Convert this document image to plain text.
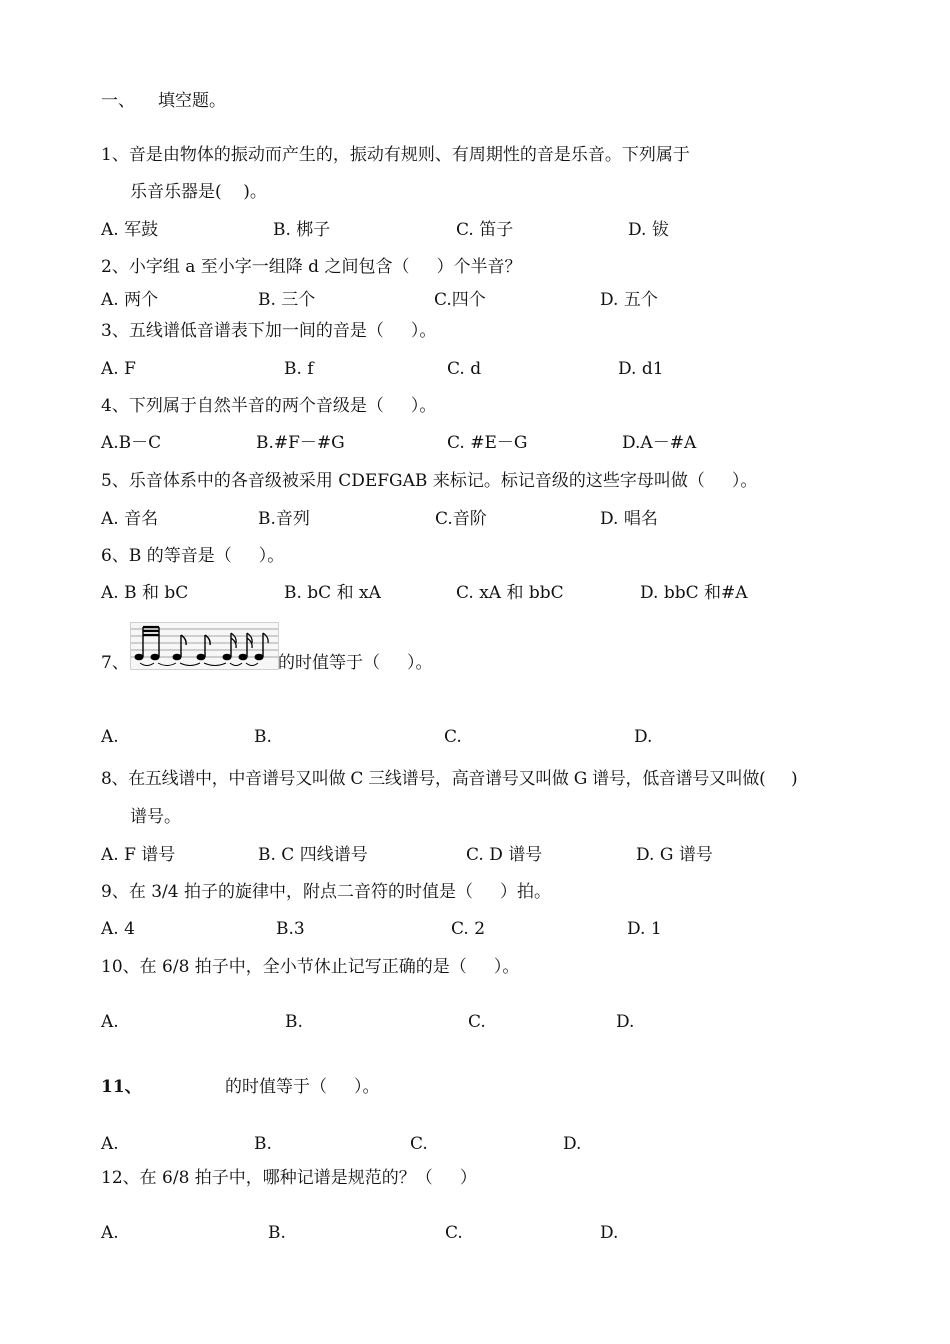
一、 填空题。
1、音是由物体的振动而产生的，振动有规则、有周期性的音是乐音。下列属于
乐音乐器是(    )。
A. 军鼓	B. 梆子	C. 笛子	D. 钹
2、小字组 a 至小字一组降 d 之间包含（     ）个半音？
A. 两个	B. 三个	C.四个	D. 五个
3、五线谱低音谱表下加一间的音是（     ）。
A. F	B. f	C. d	D. d1
4、下列属于自然半音的两个音级是（     ）。
A.B－C	B.#F－#G	C. #E－G	D.A－#A
5、乐音体系中的各音级被采用 CDEFGAB 来标记。标记音级的这些字母叫做（     ）。
A. 音名	B.音列	C.音阶	D. 唱名
6、B 的等音是（     ）。
A. B 和 bC	B. bC 和 xA	C. xA 和 bbC	D. bbC 和#A
7、	的时值等于（     ）。
A.	B.	C.	D.
8、在五线谱中，中音谱号又叫做 C 三线谱号，高音谱号又叫做 G 谱号，低音谱号又叫做(     )
谱号。
A. F 谱号	B. C 四线谱号	C. D 谱号	D. G 谱号
9、在 3/4 拍子的旋律中，附点二音符的时值是（     ）拍。
A. 4	B.3	C. 2	D. 1
10、在 6/8 拍子中，全小节休止记写正确的是（     ）。
A.	B.	C.	D.
11、	的时值等于（     ）。
A.	B.	C.	D.
12、在 6/8 拍子中，哪种记谱是规范的？（     ）
A.	B.	C.	D.
